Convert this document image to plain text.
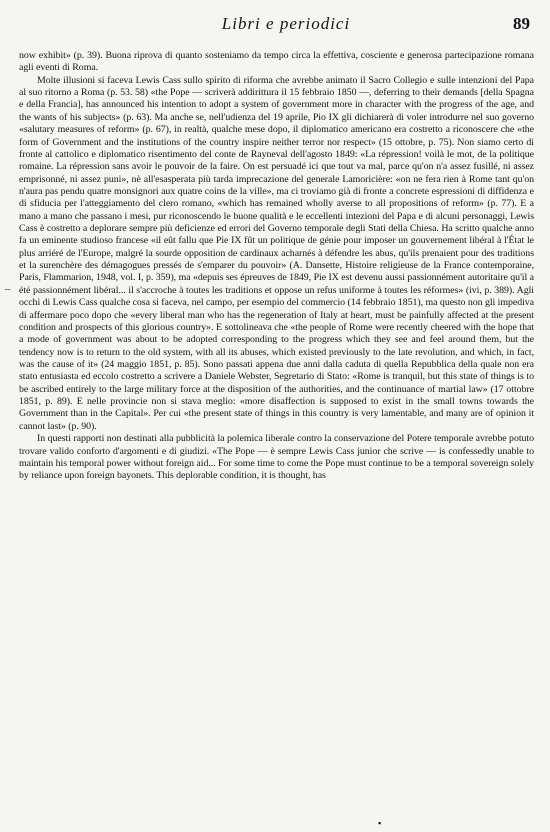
Libri e periodici	89

now exhibit» (p. 39). Buona riprova di quanto sosteniamo da tempo circa la effettiva, cosciente e generosa partecipazione romana agli eventi di Roma.

Molte illusioni si faceva Lewis Cass sullo spirito di riforma che avrebbe animato il Sacro Collegio e sulle intenzioni del Papa al suo ritorno a Roma (p. 53. 58) «the Pope — scriverà addirittura il 15 febbraio 1850 —, deferring to their demands [della Spagna e della Francia], has announced his intention to adopt a system of government more in character with the progress of the age, and the wants of his subjects» (p. 63). Ma anche se, nell'udienza del 19 aprile, Pio IX gli dichiarerà di voler introdurre nel suo governo «salutary measures of reform» (p. 67), in realtà, qualche mese dopo, il diplomatico americano era costretto a riconoscere che «the form of Government and the institutions of the country inspire neither terror nor respect» (15 ottobre, p. 75). Non siamo certo di fronte al cattolico e diplomatico risentimento del conte de Rayneval dell'agosto 1849: «La répression! voilà le mot, de la politique romaine. La répression sans avoir le pouvoir de la faire. On est persuadé ici que tout va mal, parce qu'on n'a assez fusillé, ni assez emprisonné, ni assez puni», nè all'esasperata più tarda imprecazione del generale Lamoricière: «on ne fera rien à Rome tant qu'on n'aura pas pendu quatre monsignori aux quatre coins de la ville», ma ci troviamo già di fronte a concrete espressioni di diffidenza e di sfiducia per l'atteggiamento del clero romano, «which has remained wholly averse to all propositions of reform» (p. 77). E a mano a mano che passano i mesi, pur riconoscendo le buone qualità e le eccellenti intezioni del Papa e di alcuni personaggi, Lewis Cass è costretto a deplorare sempre più deficienze ed errori del Governo temporale degli Stati della Chiesa. Ha scritto qualche anno fa un eminente studioso francese «il eût fallu que Pie IX fût un politique de génie pour imposer un gouvernement libéral à l'État le plus arriéré de l'Europe, malgré la sourde opposition de cardinaux acharnés à défendre les abus, qu'ils prenaient pour des traditions et la surenchère des démagogues pressés de s'emparer du pouvoir» (A. Dansette, Histoire religieuse de la France contemporaine, Paris, Flammarion, 1948, vol. I, p. 359), ma «depuis ses épreuves de 1849, Pie IX est devenu aussi passionnément autoritaire qu'il a été passionnément libéral... il s'accroche à toutes les traditions et oppose un refus uniforme à toutes les réformes» (ivi, p. 389). Agli occhi di Lewis Cass qualche cosa si faceva, nel campo, per esempio del commercio (14 febbraio 1851), ma questo non gli impediva di affermare poco dopo che «every liberal man who has the regeneration of Italy at heart, must be painfully affected at the present condition and prospects of this glorious country». E sottolineava che «the people of Rome were recently cheered with the hope that a mode of government was about to be adopted corresponding to the progress which they see and feel around them, but the tendency now is to return to the old system, with all its abuses, which existed previously to the late revolution, and which, in fact, was the cause of it» (24 maggio 1851, p. 85). Sono passati appena due anni dalla caduta di quella Repubblica della quale non era stato entusiasta ed eccolo costretto a scrivere a Daniele Webster, Segretario di Stato: «Rome is tranquil, but this state of things is to be ascribed entirely to the large military force at the disposition of the authorities, and the continuance of martial law» (17 ottobre 1851, p. 89). E nelle provincie non si stava meglio: «more disaffection is supposed to exist in the small towns towards the Government than in the Capital». Per cui «the present state of things in this country is very lamentable, and many are of opinion it cannot last» (p. 90).

In questi rapporti non destinati alla pubblicità la polemica liberale contro la conservazione del Potere temporale avrebbe potuto trovare valido conforto d'argomenti e di giudizi. «The Pope — è sempre Lewis Cass junior che scrive — is confessedly unable to maintain his temporal power without foreign aid... For some time to come the Pope must continue to be a temporal sovereign solely by reliance upon foreign bayonets. This deplorable condition, it is thought, has

_
▪
